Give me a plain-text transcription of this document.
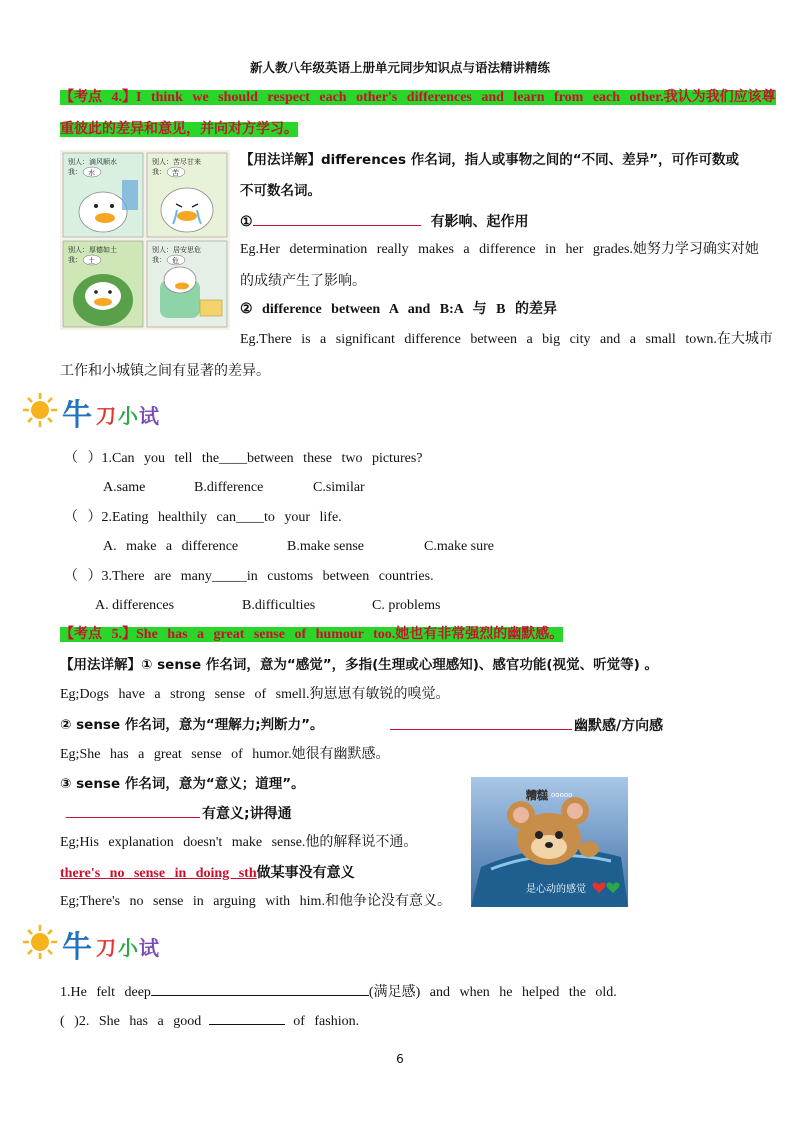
新人教八年级英语上册单元同步知识点与语法精讲精练
【考点 4.】I think we should respect each other's differences and learn from each other.我认为我们应该尊
重彼此的差异和意见，并向对方学习。
别人：滴风顺水
我： 水
别人：苦尽甘来
我： 苦
别人：厚德如土
我： 土
别人：居安思危
我： 危
【用法详解】differences 作名词，指人或事物之间的“不同、差异”，可作可数或
不可数名词。
①	有影响、起作用
Eg.Her determination really makes a difference in her grades.她努力学习确实对她
的成绩产生了影响。
② difference between A and B:A 与 B 的差异
Eg.There is a significant difference between a big city and a small town.在大城市
工作和小城镇之间有显著的差异。
牛 刀 小 试
（ ）1.Can you tell the____between these two pictures?
A.same	B.difference	C.similar
（ ）2.Eating healthily can____to your life.
A. make a difference	B.make sense	C.make sure
（ ）3.There are many_____in customs between countries.
A. differences	B.difficulties	C. problems
【考点 5.】She has a great sense of humour too.她也有非常强烈的幽默感。
【用法详解】① sense 作名词，意为“感觉”，多指(生理或心理感知)、感官功能(视觉、听觉等) 。
Eg;Dogs have a strong sense of smell.狗崽崽有敏锐的嗅觉。
② sense 作名词，意为“理解力;判断力”。	幽默感/方向感
Eg;She has a great sense of humor.她很有幽默感。
③ sense 作名词，意为“意义；道理”。
有意义;讲得通
Eg;His explanation doesn't make sense.他的解释说不通。
there's no sense in doing sth做某事没有意义
Eg;There's no sense in arguing with him.和他争论没有意义。
糟糕 ooooo
是心动的感觉
牛 刀 小 试
1.He felt deep	(满足感) and when he helped the old.
( )2. She has a good	of fashion.
6
